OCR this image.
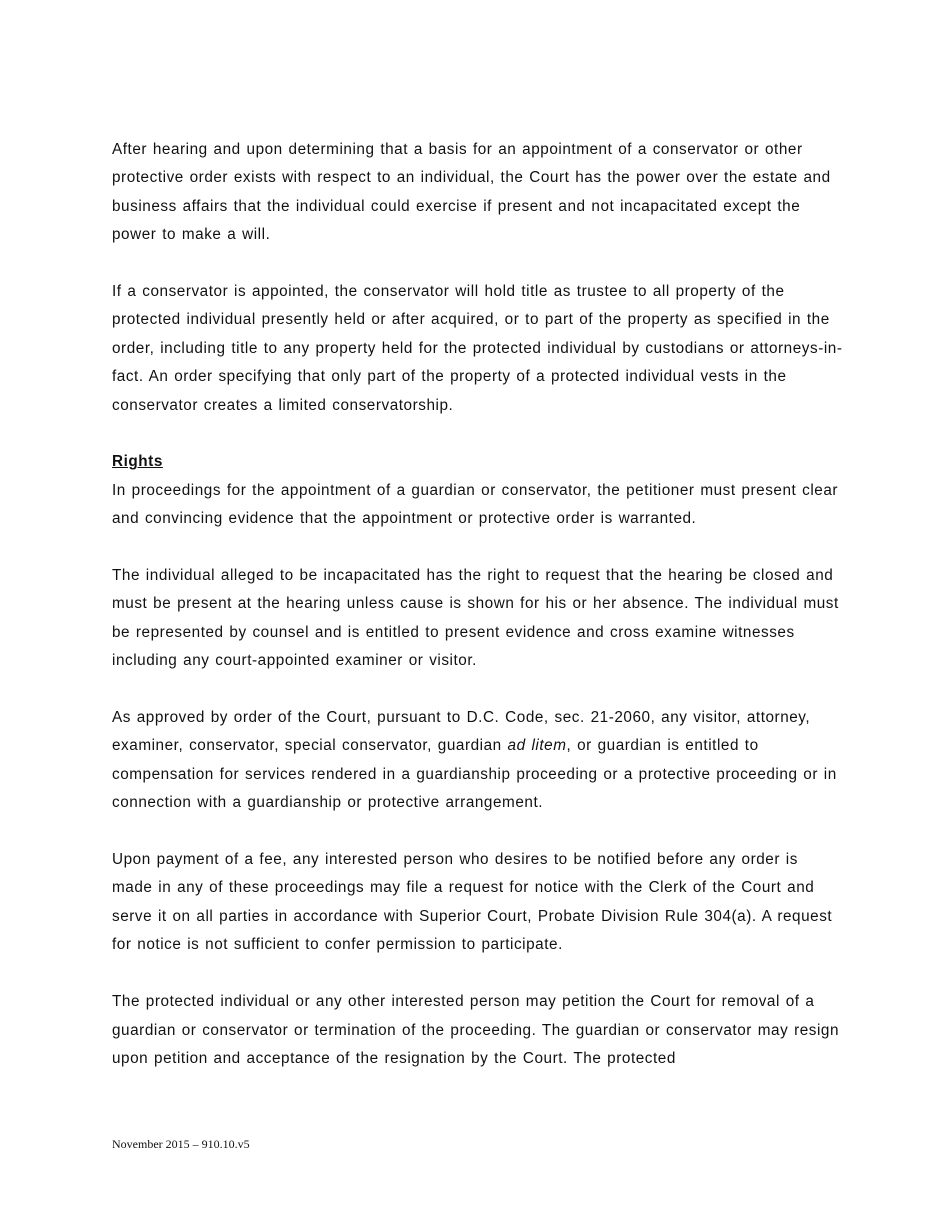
After hearing and upon determining that a basis for an appointment of a conservator or other protective order exists with respect to an individual, the Court has the power over the estate and business affairs that the individual could exercise if present and not incapacitated except the power to make a will.

If a conservator is appointed, the conservator will hold title as trustee to all property of the protected individual presently held or after acquired, or to part of the property as specified in the order, including title to any property held for the protected individual by custodians or attorneys-in-fact. An order specifying that only part of the property of a protected individual vests in the conservator creates a limited conservatorship.

Rights

In proceedings for the appointment of a guardian or conservator, the petitioner must present clear and convincing evidence that the appointment or protective order is warranted.

The individual alleged to be incapacitated has the right to request that the hearing be closed and must be present at the hearing unless cause is shown for his or her absence. The individual must be represented by counsel and is entitled to present evidence and cross examine witnesses including any court-appointed examiner or visitor.

As approved by order of the Court, pursuant to D.C. Code, sec. 21-2060, any visitor, attorney, examiner, conservator, special conservator, guardian ad litem, or guardian is entitled to compensation for services rendered in a guardianship proceeding or a protective proceeding or in connection with a guardianship or protective arrangement.

Upon payment of a fee, any interested person who desires to be notified before any order is made in any of these proceedings may file a request for notice with the Clerk of the Court and serve it on all parties in accordance with Superior Court, Probate Division Rule 304(a). A request for notice is not sufficient to confer permission to participate.

The protected individual or any other interested person may petition the Court for removal of a guardian or conservator or termination of the proceeding. The guardian or conservator may resign upon petition and acceptance of the resignation by the Court. The protected

November 2015 – 910.10.v5
